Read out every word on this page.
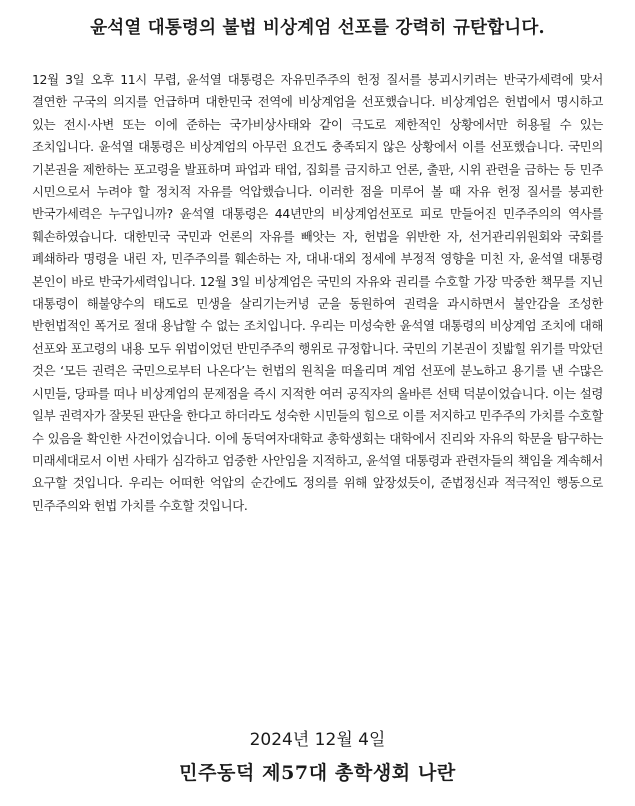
윤석열 대통령의 불법 비상계엄 선포를 강력히 규탄합니다.

12월 3일 오후 11시 무렵, 윤석열 대통령은 자유민주주의 헌정 질서를 붕괴시키려는 반국가세력에 맞서 결연한 구국의 의지를 언급하며 대한민국 전역에 비상계엄을 선포했습니다. 비상계엄은 헌법에서 명시하고 있는 전시·사변 또는 이에 준하는 국가비상사태와 같이 극도로 제한적인 상황에서만 허용될 수 있는 조치입니다. 윤석열 대통령은 비상계엄의 아무런 요건도 충족되지 않은 상황에서 이를 선포했습니다. 국민의 기본권을 제한하는 포고령을 발표하며 파업과 태업, 집회를 금지하고 언론, 출판, 시위 관련을 금하는 등 민주 시민으로서 누려야 할 정치적 자유를 억압했습니다. 이러한 점을 미루어 볼 때 자유 헌정 질서를 붕괴한 반국가세력은 누구입니까? 윤석열 대통령은 44년만의 비상계엄선포로 피로 만들어진 민주주의의 역사를 훼손하였습니다. 대한민국 국민과 언론의 자유를 빼앗는 자, 헌법을 위반한 자, 선거관리위원회와 국회를 폐쇄하라 명령을 내린 자, 민주주의를 훼손하는 자, 대내·대외 정세에 부정적 영향을 미친 자, 윤석열 대통령 본인이 바로 반국가세력입니다. 12월 3일 비상계엄은 국민의 자유와 권리를 수호할 가장 막중한 책무를 지닌 대통령이 해불양수의 태도로 민생을 살리기는커녕 군을 동원하여 권력을 과시하면서 불안감을 조성한 반헌법적인 폭거로 절대 용납할 수 없는 조치입니다. 우리는 미성숙한 윤석열 대통령의 비상계엄 조치에 대해 선포와 포고령의 내용 모두 위법이었던 반민주주의 행위로 규정합니다. 국민의 기본권이 짓밟힐 위기를 막았던 것은 ‘모든 권력은 국민으로부터 나온다’는 헌법의 원칙을 떠올리며 계엄 선포에 분노하고 용기를 낸 수많은 시민들, 당파를 떠나 비상계엄의 문제점을 즉시 지적한 여러 공직자의 올바른 선택 덕분이었습니다. 이는 설령 일부 권력자가 잘못된 판단을 한다고 하더라도 성숙한 시민들의 힘으로 이를 저지하고 민주주의 가치를 수호할 수 있음을 확인한 사건이었습니다. 이에 동덕여자대학교 총학생회는 대학에서 진리와 자유의 학문을 탐구하는 미래세대로서 이번 사태가 심각하고 엄중한 사안임을 지적하고, 윤석열 대통령과 관련자들의 책임을 계속해서 요구할 것입니다. 우리는 어떠한 억압의 순간에도 정의를 위해 앞장섰듯이, 준법정신과 적극적인 행동으로 민주주의와 헌법 가치를 수호할 것입니다.

2024년 12월 4일
민주동덕 제57대 총학생회 나란
